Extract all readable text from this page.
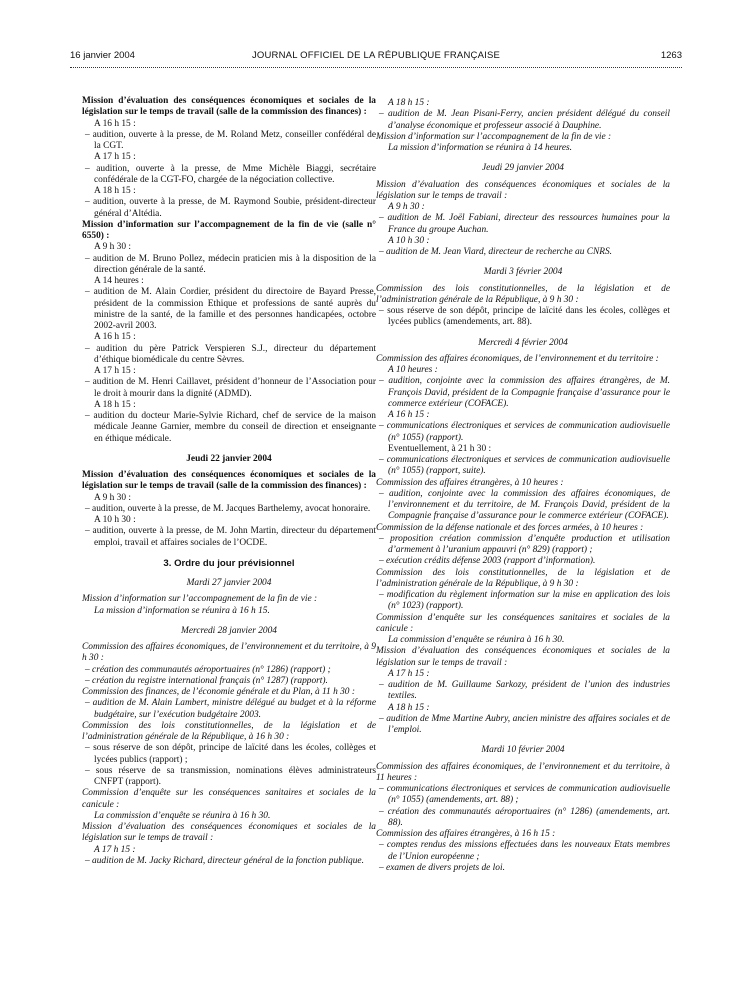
16 janvier 2004	JOURNAL OFFICIEL DE LA RÉPUBLIQUE FRANÇAISE	1263
Mission d’évaluation des conséquences économiques et sociales de la législation sur le temps de travail (salle de la commission des finances) :
A 16 h 15 :
– audition, ouverte à la presse, de M. Roland Metz, conseiller confédéral de la CGT.
A 17 h 15 :
– audition, ouverte à la presse, de Mme Michèle Biaggi, secrétaire confédérale de la CGT-FO, chargée de la négociation collective.
A 18 h 15 :
– audition, ouverte à la presse, de M. Raymond Soubie, président-directeur général d’Altédia.
Mission d’information sur l’accompagnement de la fin de vie (salle n° 6550) :
A 9 h 30 :
– audition de M. Bruno Pollez, médecin praticien mis à la disposition de la direction générale de la santé.
A 14 heures :
– audition de M. Alain Cordier, président du directoire de Bayard Presse, président de la commission Ethique et professions de santé auprès du ministre de la santé, de la famille et des personnes handicapées, octobre 2002-avril 2003.
A 16 h 15 :
– audition du père Patrick Verspieren S.J., directeur du département d’éthique biomédicale du centre Sèvres.
A 17 h 15 :
– audition de M. Henri Caillavet, président d’honneur de l’Association pour le droit à mourir dans la dignité (ADMD).
A 18 h 15 :
– audition du docteur Marie-Sylvie Richard, chef de service de la maison médicale Jeanne Garnier, membre du conseil de direction et enseignante en éthique médicale.
Jeudi 22 janvier 2004
Mission d’évaluation des conséquences économiques et sociales de la législation sur le temps de travail (salle de la commission des finances) :
A 9 h 30 :
– audition, ouverte à la presse, de M. Jacques Barthelemy, avocat honoraire.
A 10 h 30 :
– audition, ouverte à la presse, de M. John Martin, directeur du département emploi, travail et affaires sociales de l’OCDE.
3. Ordre du jour prévisionnel
Mardi 27 janvier 2004
Mission d’information sur l’accompagnement de la fin de vie :
La mission d’information se réunira à 16 h 15.
Mercredi 28 janvier 2004
Commission des affaires économiques, de l’environnement et du territoire, à 9 h 30 :
– création des communautés aéroportuaires (n° 1286) (rapport) ;
– création du registre international français (n° 1287) (rapport).
Commission des finances, de l’économie générale et du Plan, à 11 h 30 :
– audition de M. Alain Lambert, ministre délégué au budget et à la réforme budgétaire, sur l’exécution budgétaire 2003.
Commission des lois constitutionnelles, de la législation et de l’administration générale de la République, à 16 h 30 :
– sous réserve de son dépôt, principe de laïcité dans les écoles, collèges et lycées publics (rapport) ;
– sous réserve de sa transmission, nominations élèves administrateurs CNFPT (rapport).
Commission d’enquête sur les conséquences sanitaires et sociales de la canicule :
La commission d’enquête se réunira à 16 h 30.
Mission d’évaluation des conséquences économiques et sociales de la législation sur le temps de travail :
A 17 h 15 :
– audition de M. Jacky Richard, directeur général de la fonction publique.
A 18 h 15 :
– audition de M. Jean Pisani-Ferry, ancien président délégué du conseil d’analyse économique et professeur associé à Dauphine.
Mission d’information sur l’accompagnement de la fin de vie :
La mission d’information se réunira à 14 heures.
Jeudi 29 janvier 2004
Mission d’évaluation des conséquences économiques et sociales de la législation sur le temps de travail :
A 9 h 30 :
– audition de M. Joël Fabiani, directeur des ressources humaines pour la France du groupe Auchan.
A 10 h 30 :
– audition de M. Jean Viard, directeur de recherche au CNRS.
Mardi 3 février 2004
Commission des lois constitutionnelles, de la législation et de l’administration générale de la République, à 9 h 30 :
– sous réserve de son dépôt, principe de laïcité dans les écoles, collèges et lycées publics (amendements, art. 88).
Mercredi 4 février 2004
Commission des affaires économiques, de l’environnement et du territoire :
A 10 heures :
– audition, conjointe avec la commission des affaires étrangères, de M. François David, président de la Compagnie française d’assurance pour le commerce extérieur (COFACE).
A 16 h 15 :
– communications électroniques et services de communication audiovisuelle (n° 1055) (rapport).
Eventuellement, à 21 h 30 :
– communications électroniques et services de communication audiovisuelle (n° 1055) (rapport, suite).
Commission des affaires étrangères, à 10 heures :
– audition, conjointe avec la commission des affaires économiques, de l’environnement et du territoire, de M. François David, président de la Compagnie française d’assurance pour le commerce extérieur (COFACE).
Commission de la défense nationale et des forces armées, à 10 heures :
– proposition création commission d’enquête production et utilisation d’armement à l’uranium appauvri (n° 829) (rapport) ;
– exécution crédits défense 2003 (rapport d’information).
Commission des lois constitutionnelles, de la législation et de l’administration générale de la République, à 9 h 30 :
– modification du règlement information sur la mise en application des lois (n° 1023) (rapport).
Commission d’enquête sur les conséquences sanitaires et sociales de la canicule :
La commission d’enquête se réunira à 16 h 30.
Mission d’évaluation des conséquences économiques et sociales de la législation sur le temps de travail :
A 17 h 15 :
– audition de M. Guillaume Sarkozy, président de l’union des industries textiles.
A 18 h 15 :
– audition de Mme Martine Aubry, ancien ministre des affaires sociales et de l’emploi.
Mardi 10 février 2004
Commission des affaires économiques, de l’environnement et du territoire, à 11 heures :
– communications électroniques et services de communication audiovisuelle (n° 1055) (amendements, art. 88) ;
– création des communautés aéroportuaires (n° 1286) (amendements, art. 88).
Commission des affaires étrangères, à 16 h 15 :
– comptes rendus des missions effectuées dans les nouveaux Etats membres de l’Union européenne ;
– examen de divers projets de loi.
